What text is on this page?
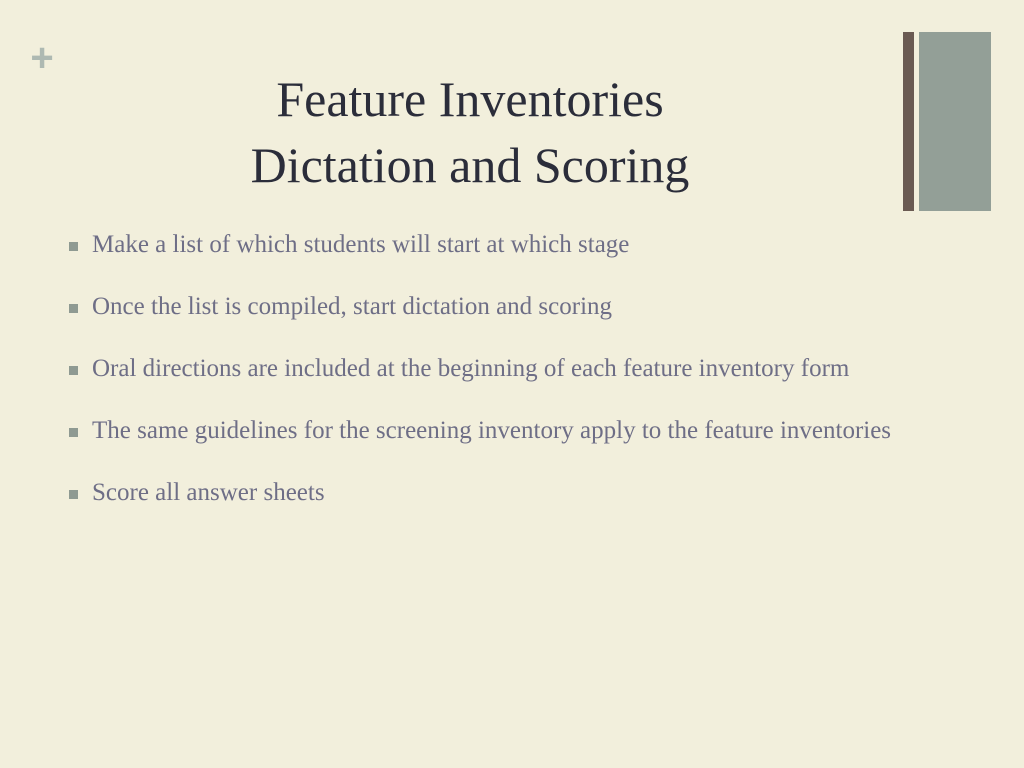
+
Feature Inventories
Dictation and Scoring
Make a list of which students will start at which stage
Once the list is compiled, start dictation and scoring
Oral directions are included at the beginning of each feature inventory form
The same guidelines for the screening inventory apply to the feature inventories
Score all answer sheets
